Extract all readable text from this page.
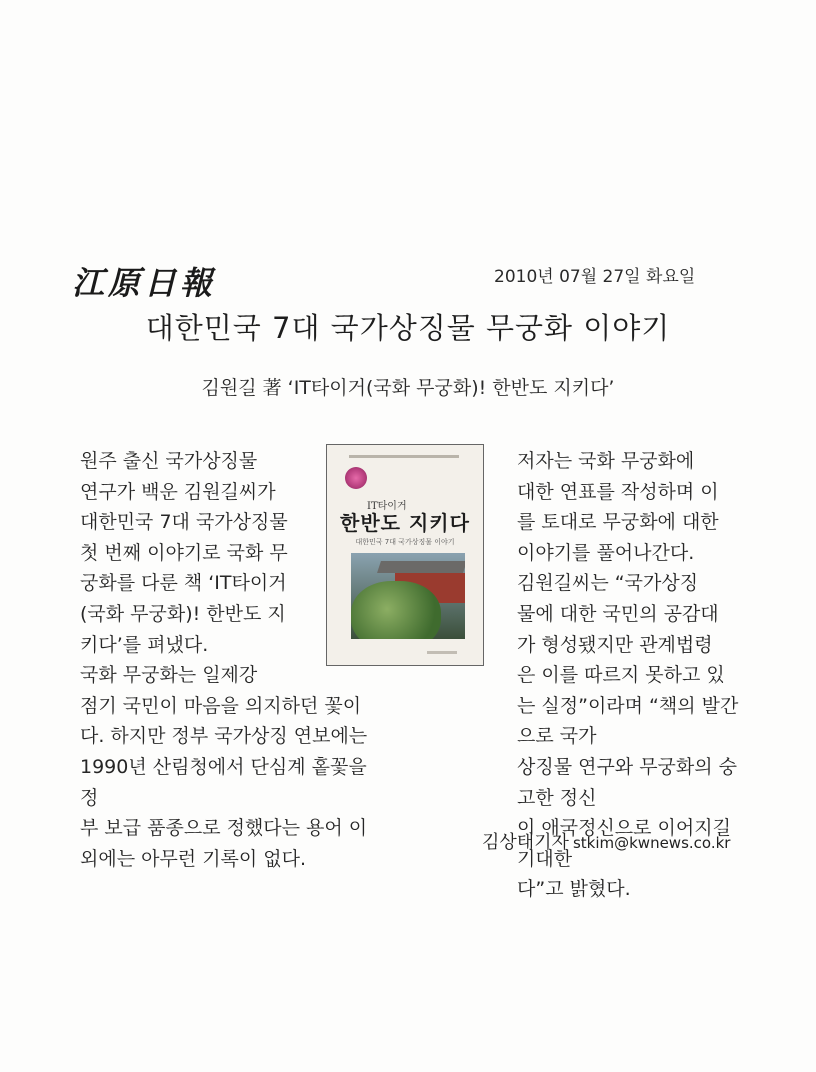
江原日報	2010년 07월 27일 화요일
대한민국 7대 국가상징물 무궁화 이야기
김원길 著 ‘IT타이거(국화 무궁화)! 한반도 지키다’

원주 출신 국가상징물
연구가 백운 김원길씨가
대한민국 7대 국가상징물
첫 번째 이야기로 국화 무
궁화를 다룬 책 ‘IT타이거
(국화 무궁화)! 한반도 지
키다’를 펴냈다.

국화 무궁화는 일제강
점기 국민이 마음을 의지하던 꽃이
다. 하지만 정부 국가상징 연보에는
1990년 산림청에서 단심계 홑꽃을 정
부 보급 품종으로 정했다는 용어 이
외에는 아무런 기록이 없다.

IT타이거
한반도 지키다
대한민국 7대 국가상징물 이야기

저자는 국화 무궁화에
대한 연표를 작성하며 이
를 토대로 무궁화에 대한
이야기를 풀어나간다.

김원길씨는 “국가상징
물에 대한 국민의 공감대
가 형성됐지만 관계법령
은 이를 따르지 못하고 있
는 실정”이라며 “책의 발간으로 국가
상징물 연구와 무궁화의 숭고한 정신
이 애국정신으로 이어지길 기대한
다”고 밝혔다.

김상태기자 stkim@kwnews.co.kr
